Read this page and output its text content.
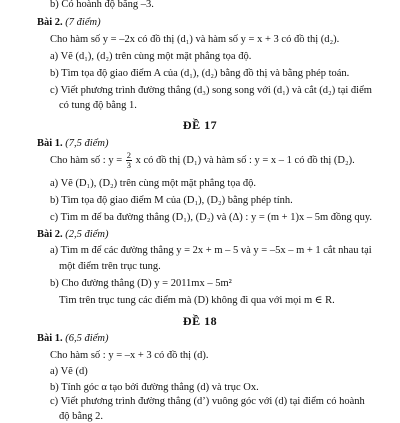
b) Có hoành độ bằng –3.
Bài 2. (7 điểm)
Cho hàm số y = –2x có đồ thị (d₁) và hàm số y = x + 3 có đồ thị (d₂).
a) Vẽ (d₁), (d₂) trên cùng một mặt phẳng tọa độ.
b) Tìm tọa độ giao điểm A của (d₁), (d₂) bằng đồ thị và bằng phép toán.
c) Viết phương trình đường thẳng (d₃) song song với (d₁) và cắt (d₂) tại điểm
có tung độ bằng 1.
ĐỀ 17
Bài 1. (7,5 điểm)
Cho hàm số : $y = \frac{2}{3}$ x có đồ thị (D₁) và hàm số : y = x – 1 có đồ thị (D₂).
a) Vẽ (D₁), (D₂) trên cùng một mặt phẳng tọa độ.
b) Tìm tọa độ giao điểm M của (D₁), (D₂) bằng phép tính.
c) Tìm m để ba đường thẳng (D₁), (D₂) và (Δ) : y = (m + 1)x – 5m đồng quy.
Bài 2. (2,5 điểm)
a) Tìm m để các đường thẳng y = 2x + m – 5 và y = –5x – m + 1 cắt nhau tại
một điểm trên trục tung.
b) Cho đường thẳng (D) y = 2011mx – 5m²
Tìm trên trục tung các điểm mà (D) không đi qua với mọi m ∈ R.
ĐỀ 18
Bài 1. (6,5 điểm)
Cho hàm số : y = –x + 3 có đồ thị (d).
a) Vẽ (d)
b) Tính góc α tạo bởi đường thẳng (d) và trục Ox.
c) Viết phương trình đường thẳng (d’) vuông góc với (d) tại điểm có hoành
độ bằng 2.
